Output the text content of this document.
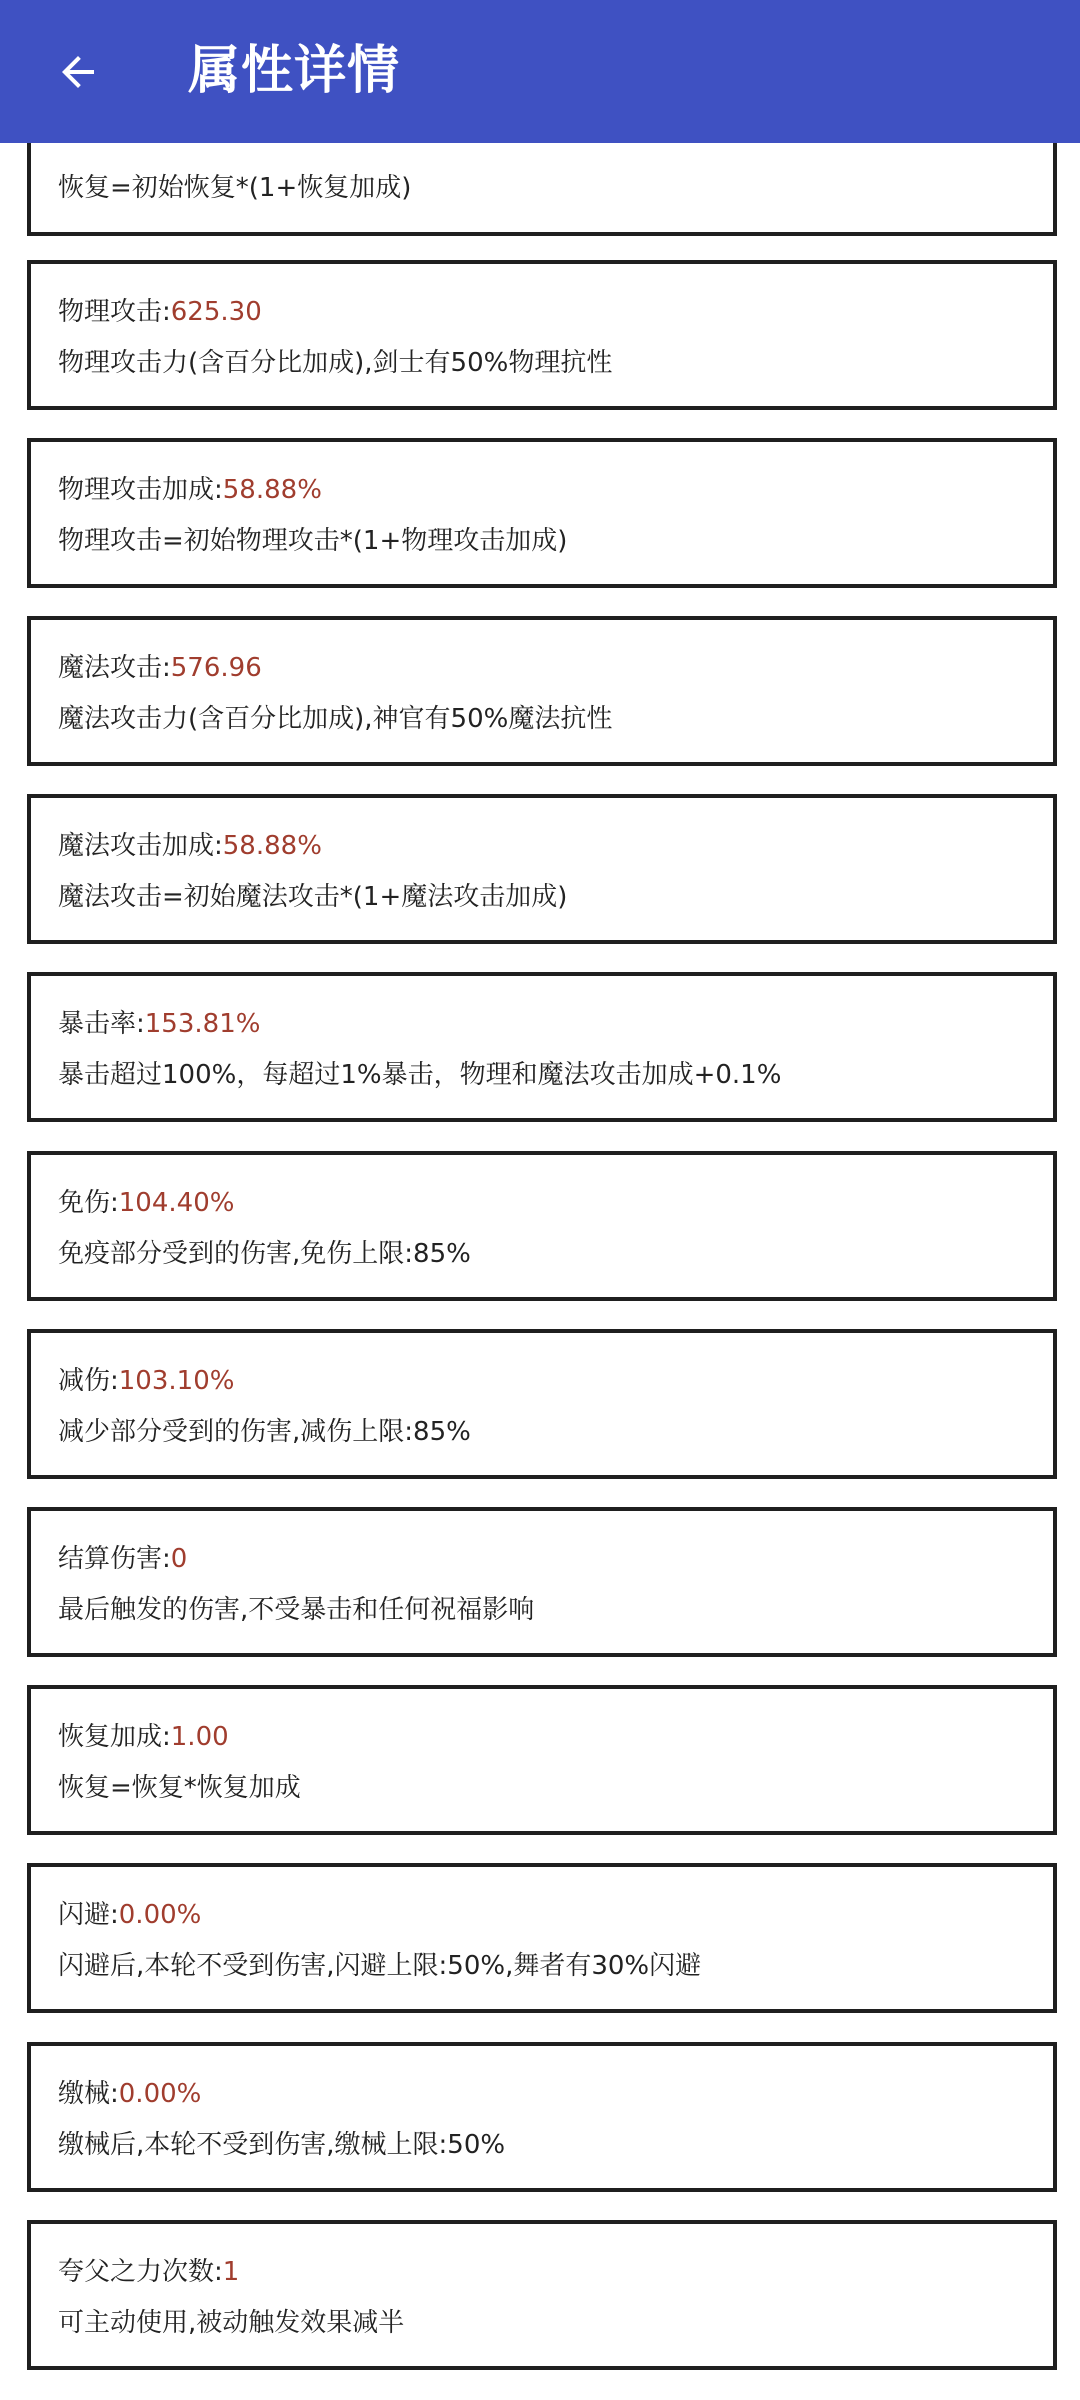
恢复=初始恢复*(1+恢复加成)
物理攻击:625.30
物理攻击力(含百分比加成),剑士有50%物理抗性
物理攻击加成:58.88%
物理攻击=初始物理攻击*(1+物理攻击加成)
魔法攻击:576.96
魔法攻击力(含百分比加成),神官有50%魔法抗性
魔法攻击加成:58.88%
魔法攻击=初始魔法攻击*(1+魔法攻击加成)
暴击率:153.81%
暴击超过100%，每超过1%暴击，物理和魔法攻击加成+0.1%
免伤:104.40%
免疫部分受到的伤害,免伤上限:85%
减伤:103.10%
减少部分受到的伤害,减伤上限:85%
结算伤害:0
最后触发的伤害,不受暴击和任何祝福影响
恢复加成:1.00
恢复=恢复*恢复加成
闪避:0.00%
闪避后,本轮不受到伤害,闪避上限:50%,舞者有30%闪避
缴械:0.00%
缴械后,本轮不受到伤害,缴械上限:50%
夸父之力次数:1
可主动使用,被动触发效果减半
属性详情
